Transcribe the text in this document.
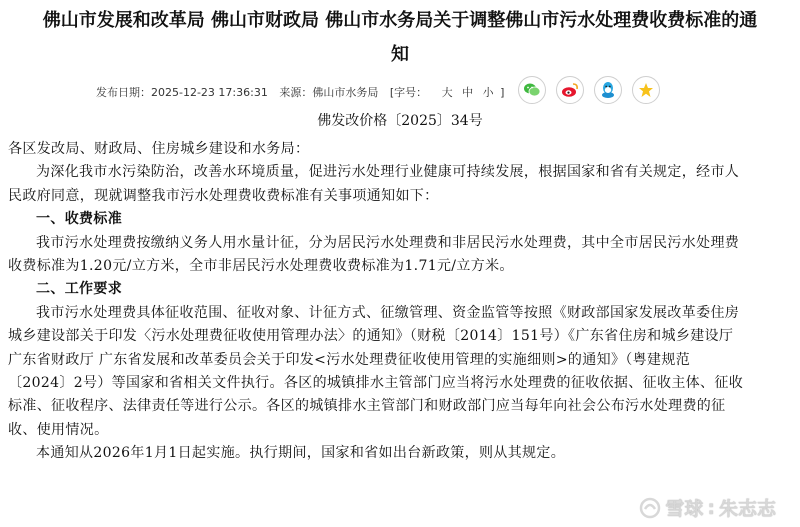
佛山市发展和改革局 佛山市财政局 佛山市水务局关于调整佛山市污水处理费收费标准的通
知
发布日期：2025-12-23 17:36:31 来源：佛山市水务局 [字号： 大 中 小 ]
佛发改价格〔2025〕34号

各区发改局、财政局、住房城乡建设和水务局：

为深化我市水污染防治，改善水环境质量，促进污水处理行业健康可持续发展，根据国家和省有关规定，经市人民政府同意，现就调整我市污水处理费收费标准有关事项通知如下：

一、收费标准

我市污水处理费按缴纳义务人用水量计征，分为居民污水处理费和非居民污水处理费，其中全市居民污水处理费收费标准为1.20元/立方米，全市非居民污水处理费收费标准为1.71元/立方米。

二、工作要求

我市污水处理费具体征收范围、征收对象、计征方式、征缴管理、资金监管等按照《财政部国家发展改革委住房城乡建设部关于印发〈污水处理费征收使用管理办法〉的通知》（财税〔2014〕151号）《广东省住房和城乡建设厅 广东省财政厅 广东省发展和改革委员会关于印发<污水处理费征收使用管理的实施细则>的通知》（粤建规范〔2024〕2号）等国家和省相关文件执行。各区的城镇排水主管部门应当将污水处理费的征收依据、征收主体、征收标准、征收程序、法律责任等进行公示。各区的城镇排水主管部门和财政部门应当每年向社会公布污水处理费的征收、使用情况。

本通知从2026年1月1日起实施。执行期间，国家和省如出台新政策，则从其规定。

雪球 : 朱志志
